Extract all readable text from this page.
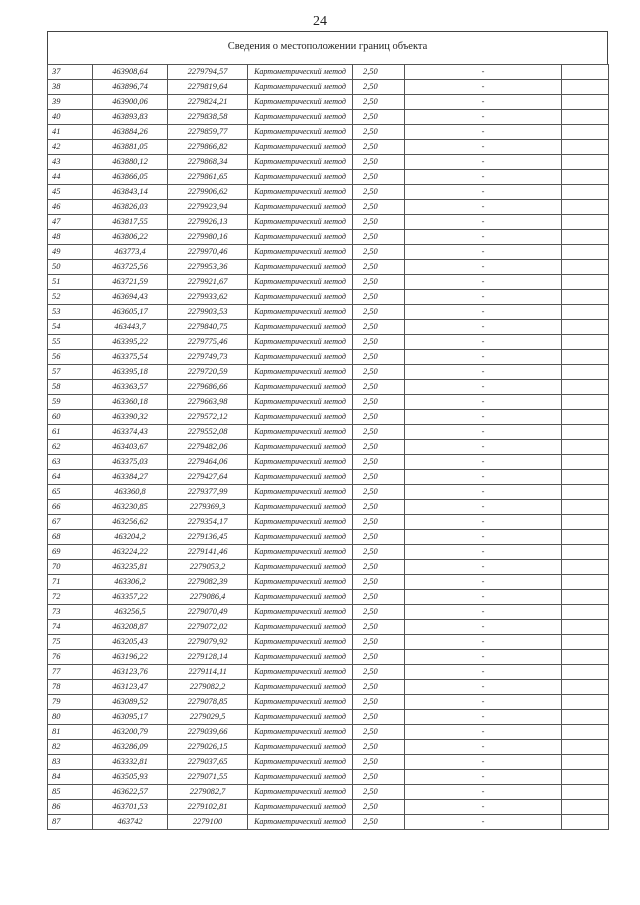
24
Сведения о местоположении границ объекта
37	463908,64	2279794,57	Картометрический метод	2,50	-	
38	463896,74	2279819,64	Картометрический метод	2,50	-	
39	463900,06	2279824,21	Картометрический метод	2,50	-	
40	463893,83	2279838,58	Картометрический метод	2,50	-	
41	463884,26	2279859,77	Картометрический метод	2,50	-	
42	463881,05	2279866,82	Картометрический метод	2,50	-	
43	463880,12	2279868,34	Картометрический метод	2,50	-	
44	463866,05	2279861,65	Картометрический метод	2,50	-	
45	463843,14	2279906,62	Картометрический метод	2,50	-	
46	463826,03	2279923,94	Картометрический метод	2,50	-	
47	463817,55	2279926,13	Картометрический метод	2,50	-	
48	463806,22	2279980,16	Картометрический метод	2,50	-	
49	463773,4	2279970,46	Картометрический метод	2,50	-	
50	463725,56	2279953,36	Картометрический метод	2,50	-	
51	463721,59	2279921,67	Картометрический метод	2,50	-	
52	463694,43	2279933,62	Картометрический метод	2,50	-	
53	463605,17	2279903,53	Картометрический метод	2,50	-	
54	463443,7	2279840,75	Картометрический метод	2,50	-	
55	463395,22	2279775,46	Картометрический метод	2,50	-	
56	463375,54	2279749,73	Картометрический метод	2,50	-	
57	463395,18	2279720,59	Картометрический метод	2,50	-	
58	463363,57	2279686,66	Картометрический метод	2,50	-	
59	463360,18	2279663,98	Картометрический метод	2,50	-	
60	463390,32	2279572,12	Картометрический метод	2,50	-	
61	463374,43	2279552,08	Картометрический метод	2,50	-	
62	463403,67	2279482,06	Картометрический метод	2,50	-	
63	463375,03	2279464,06	Картометрический метод	2,50	-	
64	463384,27	2279427,64	Картометрический метод	2,50	-	
65	463360,8	2279377,99	Картометрический метод	2,50	-	
66	463230,85	2279369,3	Картометрический метод	2,50	-	
67	463256,62	2279354,17	Картометрический метод	2,50	-	
68	463204,2	2279136,45	Картометрический метод	2,50	-	
69	463224,22	2279141,46	Картометрический метод	2,50	-	
70	463235,81	2279053,2	Картометрический метод	2,50	-	
71	463306,2	2279082,39	Картометрический метод	2,50	-	
72	463357,22	2279086,4	Картометрический метод	2,50	-	
73	463256,5	2279070,49	Картометрический метод	2,50	-	
74	463208,87	2279072,02	Картометрический метод	2,50	-	
75	463205,43	2279079,92	Картометрический метод	2,50	-	
76	463196,22	2279128,14	Картометрический метод	2,50	-	
77	463123,76	2279114,11	Картометрический метод	2,50	-	
78	463123,47	2279082,2	Картометрический метод	2,50	-	
79	463089,52	2279078,85	Картометрический метод	2,50	-	
80	463095,17	2279029,5	Картометрический метод	2,50	-	
81	463200,79	2279039,66	Картометрический метод	2,50	-	
82	463286,09	2279026,15	Картометрический метод	2,50	-	
83	463332,81	2279037,65	Картометрический метод	2,50	-	
84	463505,93	2279071,55	Картометрический метод	2,50	-	
85	463622,57	2279082,7	Картометрический метод	2,50	-	
86	463701,53	2279102,81	Картометрический метод	2,50	-	
87	463742	2279100	Картометрический метод	2,50	-	
